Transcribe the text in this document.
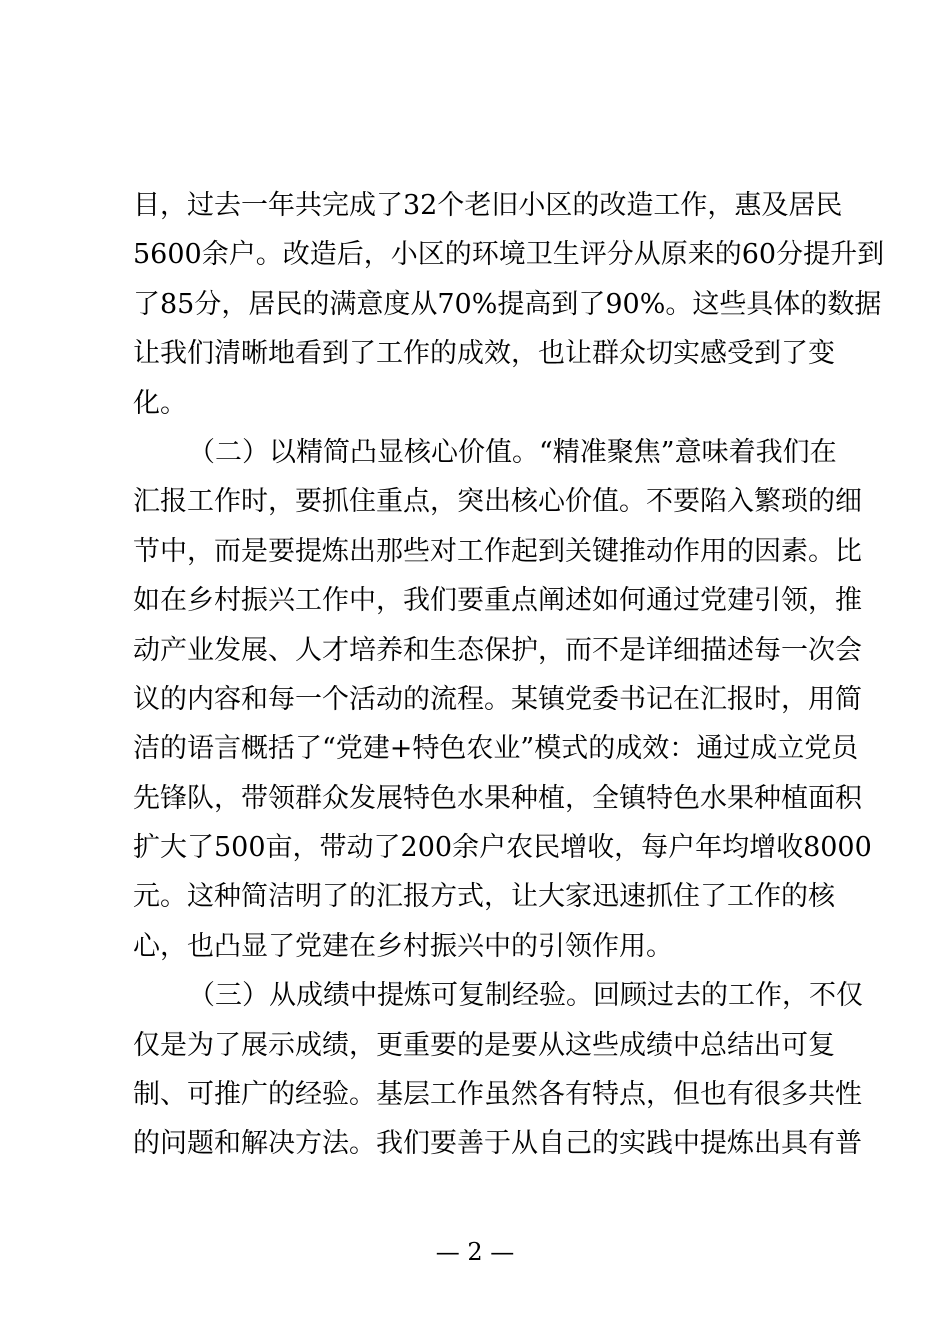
目，过去一年共完成了32个老旧小区的改造工作，惠及居民
5600余户。改造后，小区的环境卫生评分从原来的60分提升到
了85分，居民的满意度从70%提高到了90%。这些具体的数据
让我们清晰地看到了工作的成效，也让群众切实感受到了变
化。
（二）以精简凸显核心价值。“精准聚焦”意味着我们在
汇报工作时，要抓住重点，突出核心价值。不要陷入繁琐的细
节中，而是要提炼出那些对工作起到关键推动作用的因素。比
如在乡村振兴工作中，我们要重点阐述如何通过党建引领，推
动产业发展、人才培养和生态保护，而不是详细描述每一次会
议的内容和每一个活动的流程。某镇党委书记在汇报时，用简
洁的语言概括了“党建+特色农业”模式的成效：通过成立党员
先锋队，带领群众发展特色水果种植，全镇特色水果种植面积
扩大了500亩，带动了200余户农民增收，每户年均增收8000
元。这种简洁明了的汇报方式，让大家迅速抓住了工作的核
心，也凸显了党建在乡村振兴中的引领作用。
（三）从成绩中提炼可复制经验。回顾过去的工作，不仅
仅是为了展示成绩，更重要的是要从这些成绩中总结出可复
制、可推广的经验。基层工作虽然各有特点，但也有很多共性
的问题和解决方法。我们要善于从自己的实践中提炼出具有普
— 2 —
